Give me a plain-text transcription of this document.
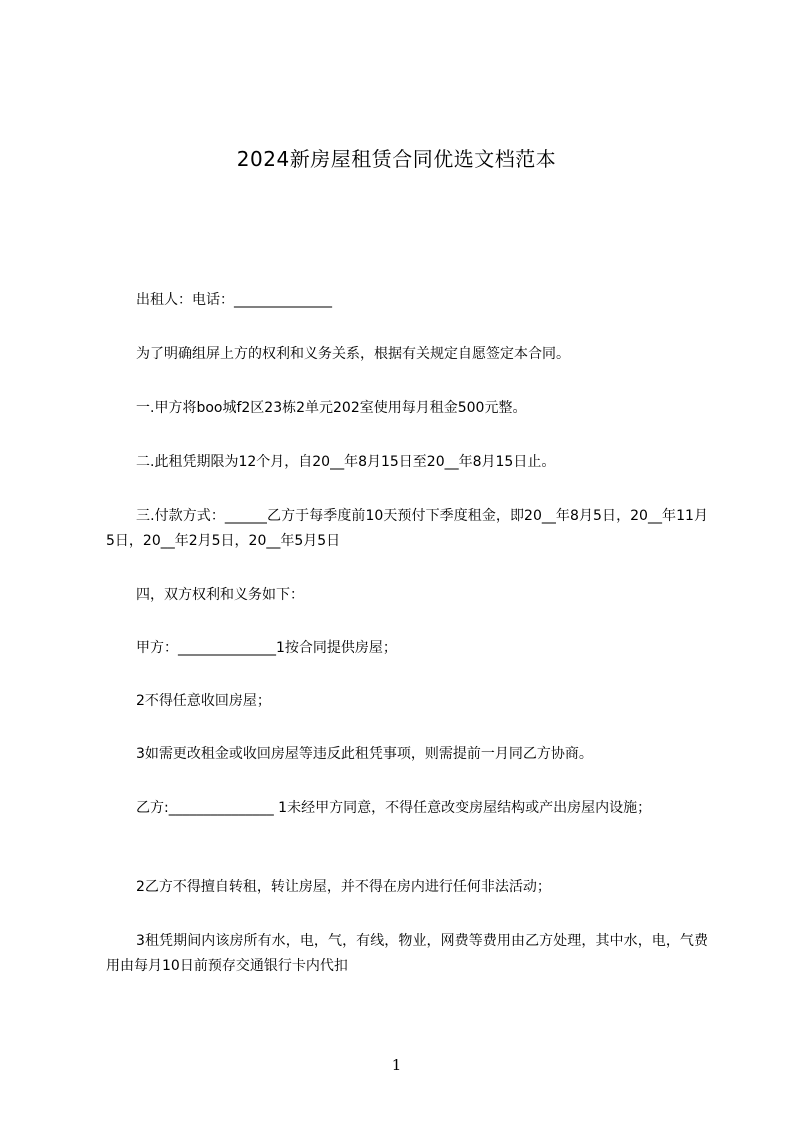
2024新房屋租赁合同优选文档范本
出租人：电话：______________
为了明确组屏上方的权利和义务关系，根据有关规定自愿签定本合同。
一.甲方将boo城f2区23栋2单元202室使用每月租金500元整。
二.此租凭期限为12个月，自20__年8月15日至20__年8月15日止。
三.付款方式：______乙方于每季度前10天预付下季度租金，即20__年8月5日，20__年11月5日，20__年2月5日，20__年5月5日
四，双方权利和义务如下：
甲方：______________1按合同提供房屋；
2不得任意收回房屋；
3如需更改租金或收回房屋等违反此租凭事项，则需提前一月同乙方协商。
乙方:_______________ 1未经甲方同意，不得任意改变房屋结构或产出房屋内设施；
2乙方不得擅自转租，转让房屋，并不得在房内进行任何非法活动；
3租凭期间内该房所有水，电，气，有线，物业，网费等费用由乙方处理，其中水，电，气费用由每月10日前预存交通银行卡内代扣
1
